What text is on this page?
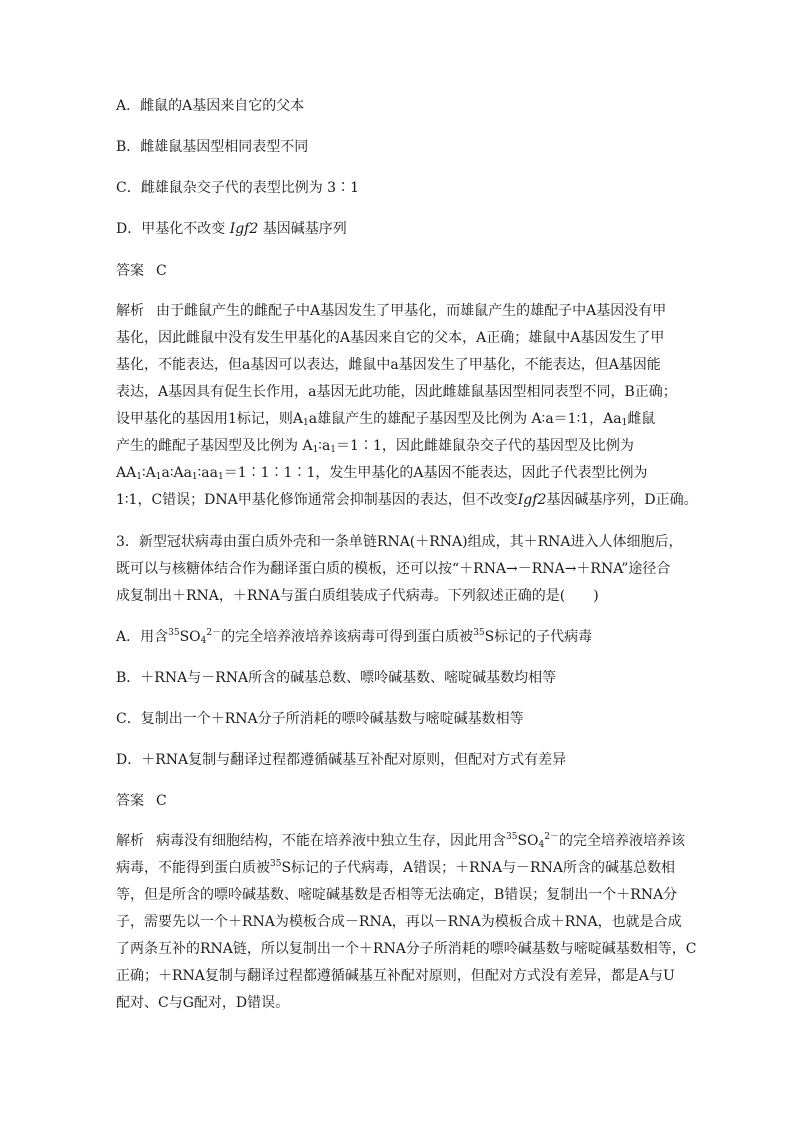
A．雌鼠的A基因来自它的父本
B．雌雄鼠基因型相同表型不同
C．雌雄鼠杂交子代的表型比例为 3∶1
D．甲基化不改变 Igf2 基因碱基序列
答案 C
解析 由于雌鼠产生的雌配子中A基因发生了甲基化，而雄鼠产生的雄配子中A基因没有甲
基化，因此雌鼠中没有发生甲基化的A基因来自它的父本，A正确；雄鼠中A基因发生了甲
基化，不能表达，但a基因可以表达，雌鼠中a基因发生了甲基化，不能表达，但A基因能
表达，A基因具有促生长作用，a基因无此功能，因此雌雄鼠基因型相同表型不同，B正确；
设甲基化的基因用1标记，则$A_1a$雄鼠产生的雄配子基因型及比例为 A∶a＝1∶1，$Aa_1$雌鼠
产生的雌配子基因型及比例为 $A_1∶a_1=1∶1$，因此雌雄鼠杂交子代的基因型及比例为
$AA_1∶A_1a∶Aa_1∶aa_1=1∶1∶1∶1$，发生甲基化的A基因不能表达，因此子代表型比例为
1∶1，C错误；DNA甲基化修饰通常会抑制基因的表达，但不改变Igf2基因碱基序列，D正确。
3．新型冠状病毒由蛋白质外壳和一条单链RNA(＋RNA)组成，其＋RNA进入人体细胞后，
既可以与核糖体结合作为翻译蛋白质的模板，还可以按“＋RNA→－RNA→＋RNA”途径合
成复制出＋RNA，＋RNA与蛋白质组装成子代病毒。下列叙述正确的是(　　)
A．用含$^{35}SO_4^{2-}$的完全培养液培养该病毒可得到蛋白质被$^{35}$S标记的子代病毒
B．＋RNA与－RNA所含的碱基总数、嘌呤碱基数、嘧啶碱基数均相等
C．复制出一个＋RNA分子所消耗的嘌呤碱基数与嘧啶碱基数相等
D．＋RNA复制与翻译过程都遵循碱基互补配对原则，但配对方式有差异
答案 C
解析 病毒没有细胞结构，不能在培养液中独立生存，因此用含$^{35}SO_4^{2-}$的完全培养液培养该
病毒，不能得到蛋白质被$^{35}$S标记的子代病毒，A错误；＋RNA与－RNA所含的碱基总数相
等，但是所含的嘌呤碱基数、嘧啶碱基数是否相等无法确定，B错误；复制出一个＋RNA分
子，需要先以一个＋RNA为模板合成－RNA，再以－RNA为模板合成＋RNA，也就是合成
了两条互补的RNA链，所以复制出一个＋RNA分子所消耗的嘌呤碱基数与嘧啶碱基数相等，C
正确；＋RNA复制与翻译过程都遵循碱基互补配对原则，但配对方式没有差异，都是A与U
配对、C与G配对，D错误。
